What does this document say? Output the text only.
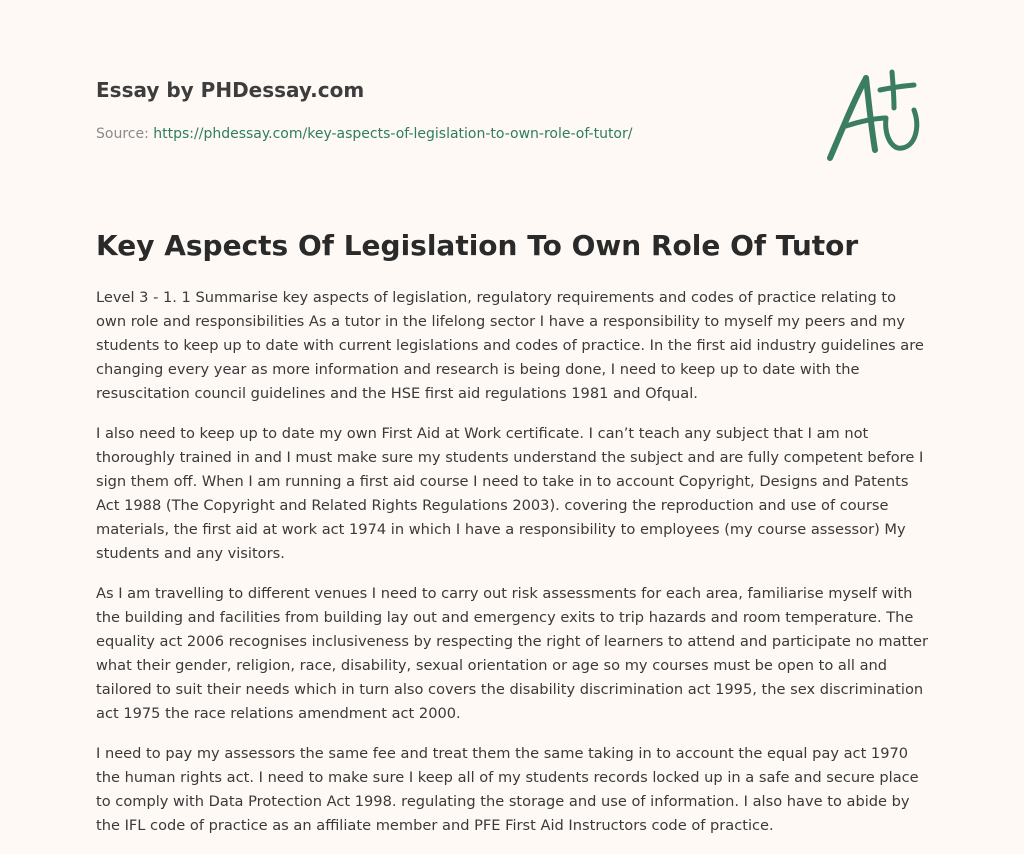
Essay by PHDessay.com
Source: https://phdessay.com/key-aspects-of-legislation-to-own-role-of-tutor/
Key Aspects Of Legislation To Own Role Of Tutor

Level 3 - 1. 1 Summarise key aspects of legislation, regulatory requirements and codes of practice relating to own role and responsibilities As a tutor in the lifelong sector I have a responsibility to myself my peers and my students to keep up to date with current legislations and codes of practice. In the first aid industry guidelines are changing every year as more information and research is being done, I need to keep up to date with the resuscitation council guidelines and the HSE first aid regulations 1981 and Ofqual.

I also need to keep up to date my own First Aid at Work certificate. I can’t teach any subject that I am not thoroughly trained in and I must make sure my students understand the subject and are fully competent before I sign them off. When I am running a first aid course I need to take in to account Copyright, Designs and Patents Act 1988 (The Copyright and Related Rights Regulations 2003). covering the reproduction and use of course materials, the first aid at work act 1974 in which I have a responsibility to employees (my course assessor) My students and any visitors.

As I am travelling to different venues I need to carry out risk assessments for each area, familiarise myself with the building and facilities from building lay out and emergency exits to trip hazards and room temperature. The equality act 2006 recognises inclusiveness by respecting the right of learners to attend and participate no matter what their gender, religion, race, disability, sexual orientation or age so my courses must be open to all and tailored to suit their needs which in turn also covers the disability discrimination act 1995, the sex discrimination act 1975 the race relations amendment act 2000.

I need to pay my assessors the same fee and treat them the same taking in to account the equal pay act 1970 the human rights act. I need to make sure I keep all of my students records locked up in a safe and secure place to comply with Data Protection Act 1998. regulating the storage and use of information. I also have to abide by the IFL code of practice as an affiliate member and PFE First Aid Instructors code of practice.
